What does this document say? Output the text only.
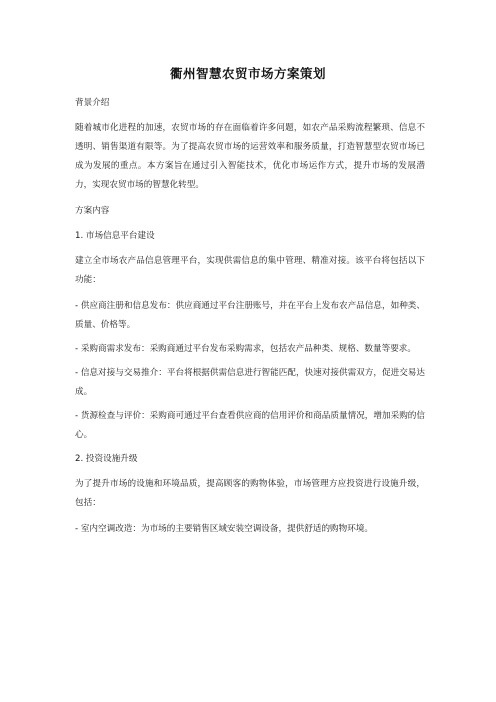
衢州智慧农贸市场方案策划

背景介绍

随着城市化进程的加速，农贸市场的存在面临着许多问题，如农产品采购流程繁琐、信息不透明、销售渠道有限等。为了提高农贸市场的运营效率和服务质量，打造智慧型农贸市场已成为发展的重点。本方案旨在通过引入智能技术，优化市场运作方式，提升市场的发展潜力，实现农贸市场的智慧化转型。

方案内容

1. 市场信息平台建设

建立全市场农产品信息管理平台，实现供需信息的集中管理、精准对接。该平台将包括以下功能：

- 供应商注册和信息发布：供应商通过平台注册账号，并在平台上发布农产品信息，如种类、质量、价格等。

- 采购商需求发布：采购商通过平台发布采购需求，包括农产品种类、规格、数量等要求。

- 信息对接与交易推介：平台将根据供需信息进行智能匹配，快速对接供需双方，促进交易达成。

- 货源检查与评价：采购商可通过平台查看供应商的信用评价和商品质量情况，增加采购的信心。

2. 投资设施升级

为了提升市场的设施和环境品质，提高顾客的购物体验，市场管理方应投资进行设施升级，包括：

- 室内空调改造：为市场的主要销售区域安装空调设备，提供舒适的购物环境。
